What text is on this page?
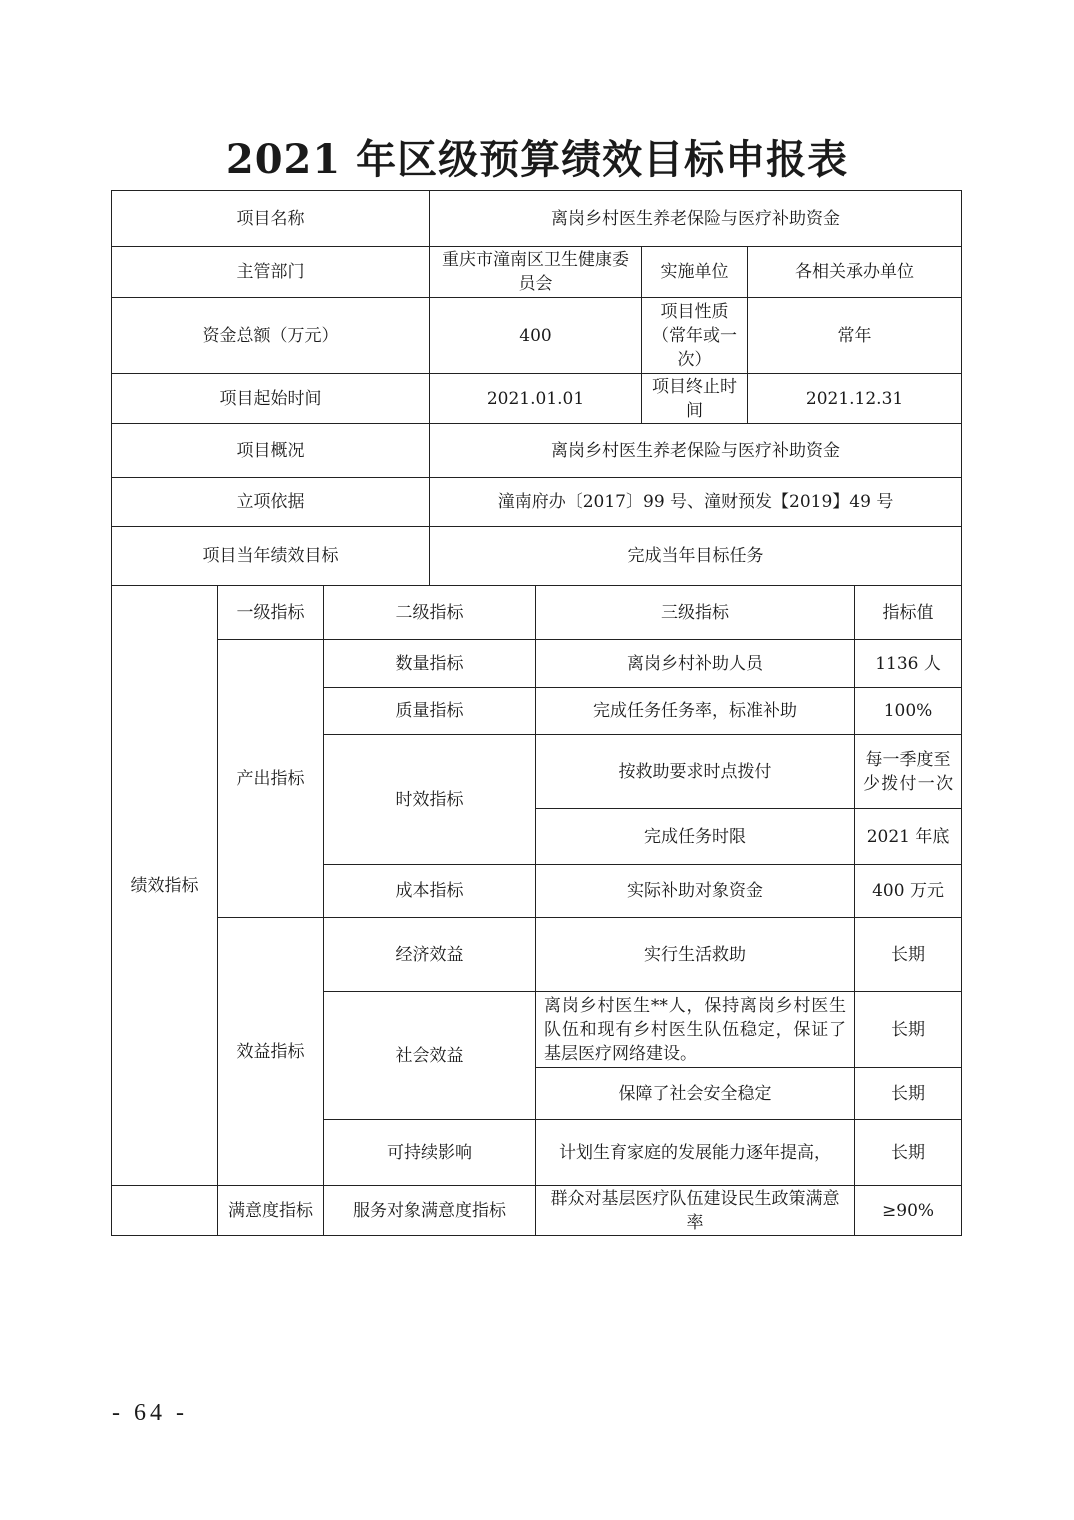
2021 年区级预算绩效目标申报表
项目名称			离岗乡村医生养老保险与医疗补助资金				
主管部门			重庆市潼南区卫生健康委员会		实施单位	各相关承办单位	
资金总额（万元）			400		项目性质（常年或一次）	常年	
项目起始时间			2021.01.01		项目终止时间	2021.12.31	
项目概况			离岗乡村医生养老保险与医疗补助资金				
立项依据			潼南府办〔2017〕99 号、潼财预发【2019】49 号				
项目当年绩效目标			完成当年目标任务				
绩效指标	一级指标	二级指标		三级指标			指标值
	产出指标	数量指标		离岗乡村补助人员			1136 人
		质量指标		完成任务任务率，标准补助			100%
		时效指标		按救助要求时点拨付			每一季度至少拨付一次
				完成任务时限			2021 年底
		成本指标		实际补助对象资金			400 万元
	效益指标	经济效益		实行生活救助			长期
		社会效益		离岗乡村医生**人，保持离岗乡村医生队伍和现有乡村医生队伍稳定，保证了基层医疗网络建设。			长期
				保障了社会安全稳定			长期
		可持续影响		计划生育家庭的发展能力逐年提高，			长期
	满意度指标	服务对象满意度指标		群众对基层医疗队伍建设民生政策满意率			≥90%
- 64 -
